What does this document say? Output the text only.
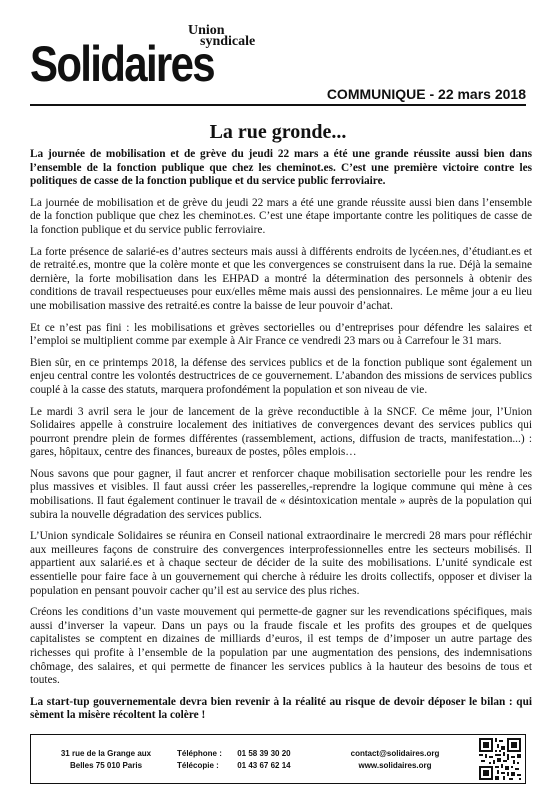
Union
syndicale
Solidaires
COMMUNIQUE - 22 mars 2018
La rue gronde...

La journée de mobilisation et de grève du jeudi 22 mars a été une grande réussite aussi bien dans l’ensemble de la fonction publique que chez les cheminot.es. C’est une première victoire contre les politiques de casse de la fonction publique et du service public ferroviaire.

La journée de mobilisation et de grève du jeudi 22 mars a été une grande réussite aussi bien dans l’ensemble de la fonction publique que chez les cheminot.es. C’est une étape importante contre les politiques de casse de la fonction publique et du service public ferroviaire.

La forte présence de salarié-es d’autres secteurs mais aussi à différents endroits de lycéen.nes, d’étudiant.es et de retraité.es, montre que la colère monte et que les convergences se construisent dans la rue. Déjà la semaine dernière, la forte mobilisation dans les EHPAD a montré la détermination des personnels à obtenir des conditions de travail respectueuses pour eux/elles même mais aussi des pensionnaires. Le même jour a eu lieu une mobilisation massive des retraité.es contre la baisse de leur pouvoir d’achat.

Et ce n’est pas fini : les mobilisations et grèves sectorielles ou d’entreprises pour défendre les salaires et l’emploi se multiplient comme par exemple à Air France ce vendredi 23 mars ou à Carrefour le 31 mars.

Bien sûr, en ce printemps 2018, la défense des services publics et de la fonction publique sont également un enjeu central contre les volontés destructrices de ce gouvernement. L’abandon des missions de services publics couplé à la casse des statuts, marquera profondément la population et son niveau de vie.

Le mardi 3 avril sera le jour de lancement de la grève reconductible à la SNCF. Ce même jour, l’Union Solidaires appelle à construire localement des initiatives de convergences devant des services publics qui pourront prendre plein de formes différentes (rassemblement, actions, diffusion de tracts, manifestation...) : gares, hôpitaux, centre des finances, bureaux de postes, pôles emplois…

Nous savons que pour gagner, il faut ancrer et renforcer chaque mobilisation sectorielle pour les rendre les plus massives et visibles. Il faut aussi créer les passerelles,-reprendre la logique commune qui mène à ces mobilisations. Il faut également continuer le travail de « désintoxication mentale » auprès de la population qui subira la nouvelle dégradation des services publics.

L’Union syndicale Solidaires se réunira en Conseil national extraordinaire le mercredi 28 mars pour réfléchir aux meilleures façons de construire des convergences interprofessionnelles entre les secteurs mobilisés. Il appartient aux salarié.es et à chaque secteur de décider de la suite des mobilisations. L’unité syndicale est essentielle pour faire face à un gouvernement qui cherche à réduire les droits collectifs, opposer et diviser la population en pensant pouvoir cacher qu’il est au service des plus riches.

Créons les conditions d’un vaste mouvement qui permette-de gagner sur les revendications spécifiques, mais aussi d’inverser la vapeur. Dans un pays ou la fraude fiscale et les profits des groupes et de quelques capitalistes se comptent en dizaines de milliards d’euros, il est temps de d’imposer un autre partage des richesses qui profite à l’ensemble de la population par une augmentation des pensions, des indemnisations chômage, des salaires, et qui permette de financer les services publics à la hauteur des besoins de tous et toutes.

La start-tup gouvernementale devra bien revenir à la réalité au risque de devoir déposer le bilan : qui sèment la misère récoltent la colère !

31 rue de la Grange aux
Belles 75 010 Paris
Téléphone : 01 58 39 30 20
Télécopie : 01 43 67 62 14
contact@solidaires.org
www.solidaires.org
